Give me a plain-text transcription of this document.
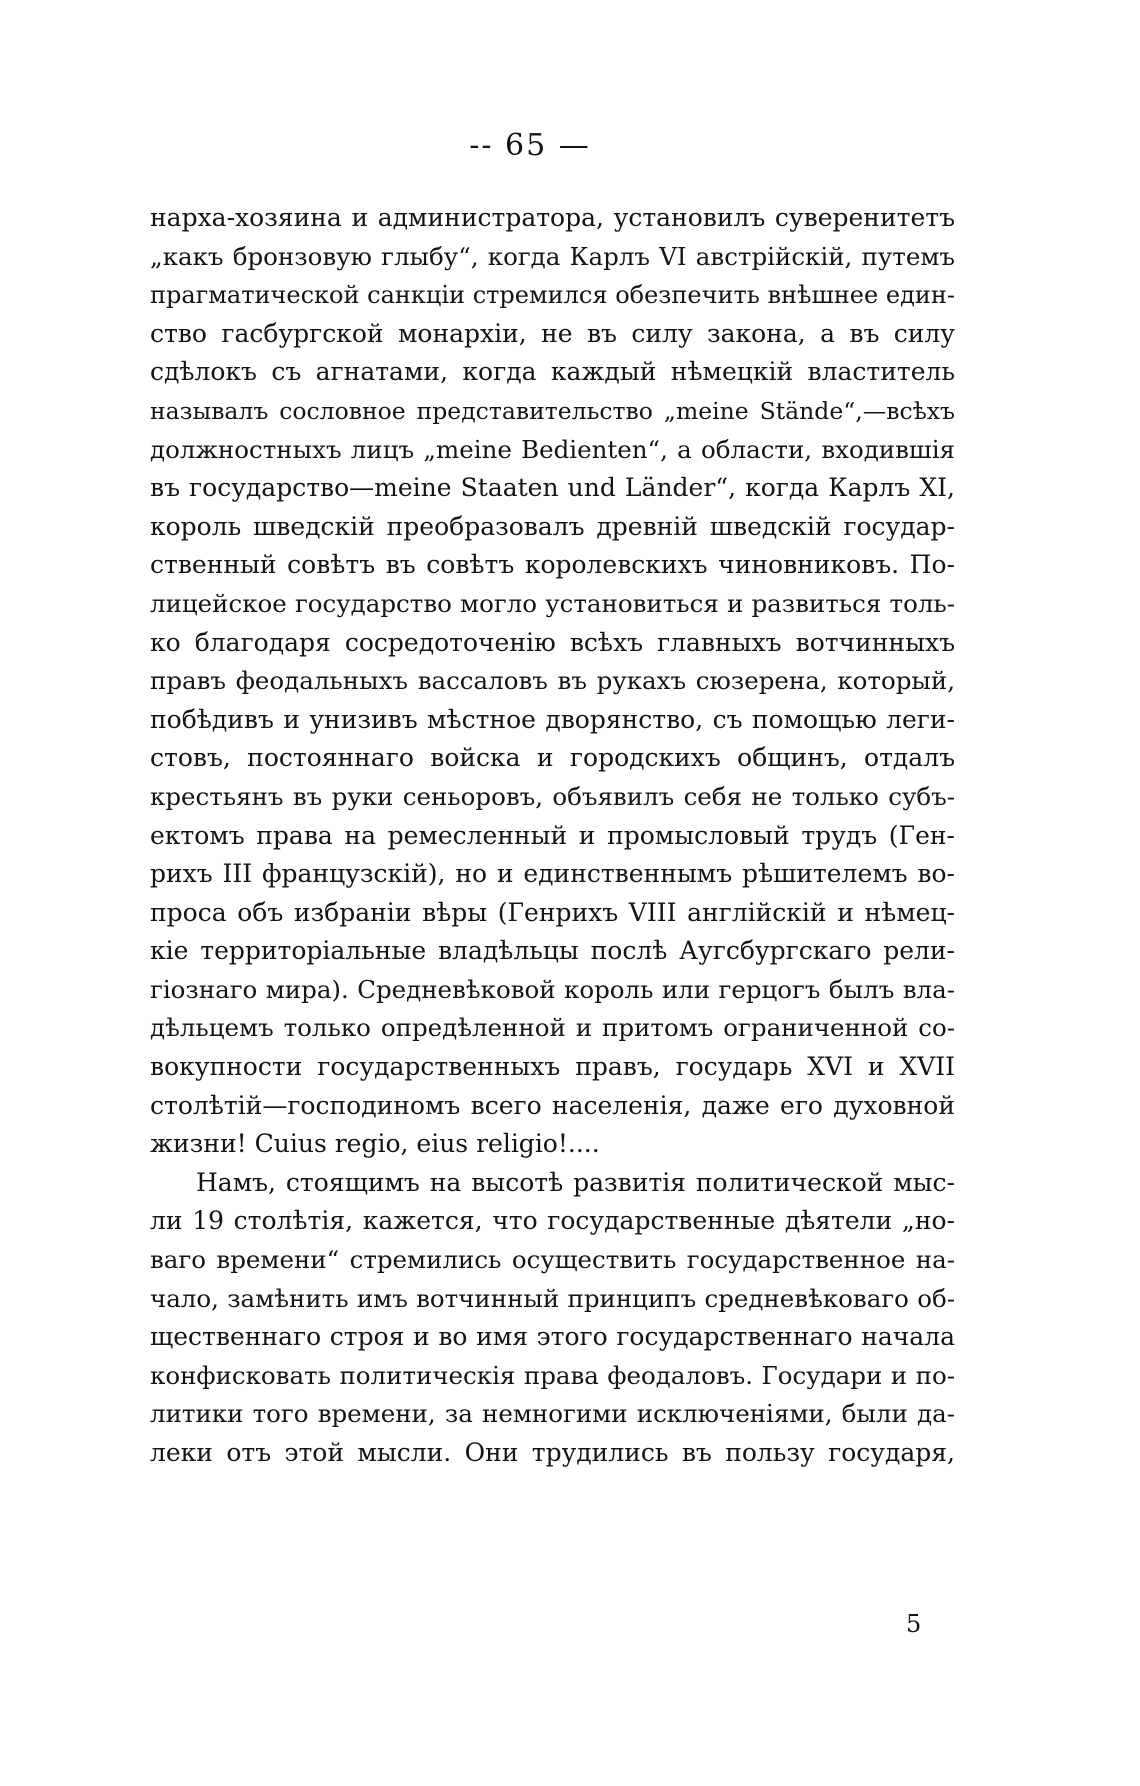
-- 65 —
нарха-хозяина и администратора, установилъ суверенитетъ
„какъ бронзовую глыбу“, когда Карлъ VI австрійскій, путемъ
прагматической санкціи стремился обезпечить внѣшнее един-
ство гасбургской монархіи, не въ силу закона, а въ силу
сдѣлокъ съ агнатами, когда каждый нѣмецкій властитель
называлъ сословное представительство „meine Stände“,—всѣхъ
должностныхъ лицъ „meine Bedienten“, а области, входившія
въ государство—meine Staaten und Länder“, когда Карлъ XI,
король шведскій преобразовалъ древній шведскій государ-
ственный совѣтъ въ совѣтъ королевскихъ чиновниковъ. По-
лицейское государство могло установиться и развиться толь-
ко благодаря сосредоточенію всѣхъ главныхъ вотчинныхъ
правъ феодальныхъ вассаловъ въ рукахъ сюзерена, который,
побѣдивъ и унизивъ мѣстное дворянство, съ помощью леги-
стовъ, постояннаго войска и городскихъ общинъ, отдалъ
крестьянъ въ руки сеньоровъ, объявилъ себя не только субъ-
ектомъ права на ремесленный и промысловый трудъ (Ген-
рихъ III французскій), но и единственнымъ рѣшителемъ во-
проса объ избраніи вѣры (Генрихъ VIII англійскій и нѣмец-
кіе территоріальные владѣльцы послѣ Аугсбургскаго рели-
гіознаго мира). Средневѣковой король или герцогъ былъ вла-
дѣльцемъ только опредѣленной и притомъ ограниченной со-
вокупности государственныхъ правъ, государь XVI и XVII
столѣтій—господиномъ всего населенія, даже его духовной
жизни! Cuius regio, eius religio!....
Намъ, стоящимъ на высотѣ развитія политической мыс-
ли 19 столѣтія, кажется, что государственные дѣятели „но-
ваго времени“ стремились осуществить государственное на-
чало, замѣнить имъ вотчинный принципъ средневѣковаго об-
щественнаго строя и во имя этого государственнаго начала
конфисковать политическія права феодаловъ. Государи и по-
литики того времени, за немногими исключеніями, были да-
леки отъ этой мысли. Они трудились въ пользу государя,
5
